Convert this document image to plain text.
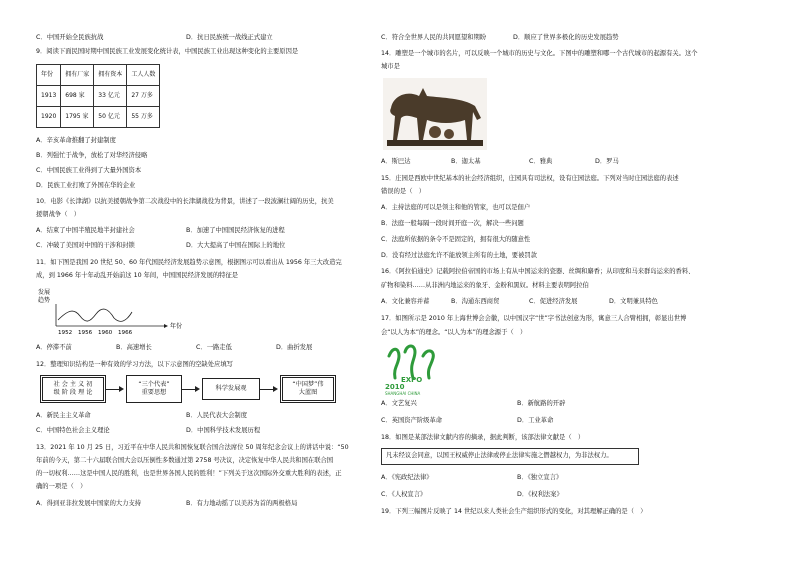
C．中国开始全民族抗战	D．抗日民族统一战线正式建立
9．阅读下面民国时期中国民族工业发展变化统计表，中国民族工业出现这种变化的主要原因是
年份	拥有厂家	拥有资本	工人人数
1913	698 家	33 亿元	27 万多
1920	1795 家	50 亿元	55 万多
A．辛亥革命推翻了封建制度
B．列强忙于战争，放松了对华经济侵略
C．中国民族工业得到了大量外国资本
D．民族工业打败了外国在华的企业
10．电影《长津湖》以抗美援朝战争第二次战役中的长津湖战役为背景，讲述了一段波澜壮阔的历史，抗美
援朝战争（　）
A．结束了中国半殖民地半封建社会	B．加速了中国国民经济恢复的进程
C．冲破了美国对中国的干涉和封锁	D．大大提高了中国在国际上的地位
11．如下图是我国 20 世纪 50、60 年代国民经济发展趋势示意图，根据图示可以看出从 1956 年三大改造完
成，到 1966 年十年动乱开始前这 10 年间，中国国民经济发展的特征是
发展
趋势
年份
1952 1956 1960 1966
A．停滞不前	B．高速增长	C．一路走低	D．曲折发展
12．整理知识结构是一种有效的学习方法，以下示意图的空缺处应填写
社 会 主 义 初
级 阶 段 理 论
“三个代表”
重要思想
科学发展观
“中国梦”伟
大蓝图
A．新民主主义革命	B．人民代表大会制度
C．中国特色社会主义理论	D．中国科学技术发展历程
13．2021 年 10 月 25 日，习近平在中华人民共和国恢复联合国合法席位 50 周年纪念会议上的讲话中说：“50
年前的今天，第二十六届联合国大会以压倒性多数通过第 2758 号决议，决定恢复中华人民共和国在联合国
的一切权利……这是中国人民的胜利，也是世界各国人民的胜利！”下列关于这次国际外交重大胜利的表述，正
确的一项是（　）
A．得到亚非拉发展中国家的大力支持	B．有力地动摇了以美苏为首的两极格局
C．符合全世界人民的共同愿望和期盼	D．顺应了世界多极化的历史发展趋势
14．雕塑是一个城市的名片，可以反映一个城市的历史与文化。下图中的雕塑和哪一个古代城市的起源有关。这个
城市是
A．斯巴达	B．迦太基	C．雅典	D．罗马
15．庄园是西欧中世纪基本的社会经济组织，庄园具有司法权，设有庄园法庭。下列对当时庄园法庭的表述
错误的是（　）
A．主持法庭的可以是领主和他的管家，也可以是佃户
B．法庭一般每隔一段时间开庭一次，解决一些问题
C．法庭所依据的条令不是固定的，拥有很大的随意性
D．没有经过法庭允许不能放领主所有的土地，要被罚款
16．《阿拉伯通史》记载阿拉伯帝国的市场上有从中国运来的瓷器、丝绸和麝香；从印度和马来群岛运来的香料、
矿物和染料……从非洲内地运来的象牙、金粉和黑奴。材料主要表明阿拉伯
A．文化兼容并蓄	B．沟通东西商贸	C．促进经济发展	D．文明兼具特色
17．如图所示是 2010 年上海世博会会徽，以中国汉字“世”字书法创意为形，寓意三人合臂相拥，彰显出世博
会“以人为本”的理念。“以人为本”的理念源于（　）
EXPO
2010
SHANGHAI CHINA
A．文艺复兴	B．新航路的开辟
C．英国资产阶级革命	D．工业革命
18．如图是某部法律文献内容的摘录，据此判断，该部法律文献是（　）
凡未经议会同意，以国王权威停止法律或停止法律实施之僭越权力，为非法权力。
A．《宪政纪法律》	B．《独立宣言》
C．《人权宣言》	D．《权利法案》
19．下列三幅图片反映了 14 世纪以来人类社会生产组织形式的变化，对其理解正确的是（　）
